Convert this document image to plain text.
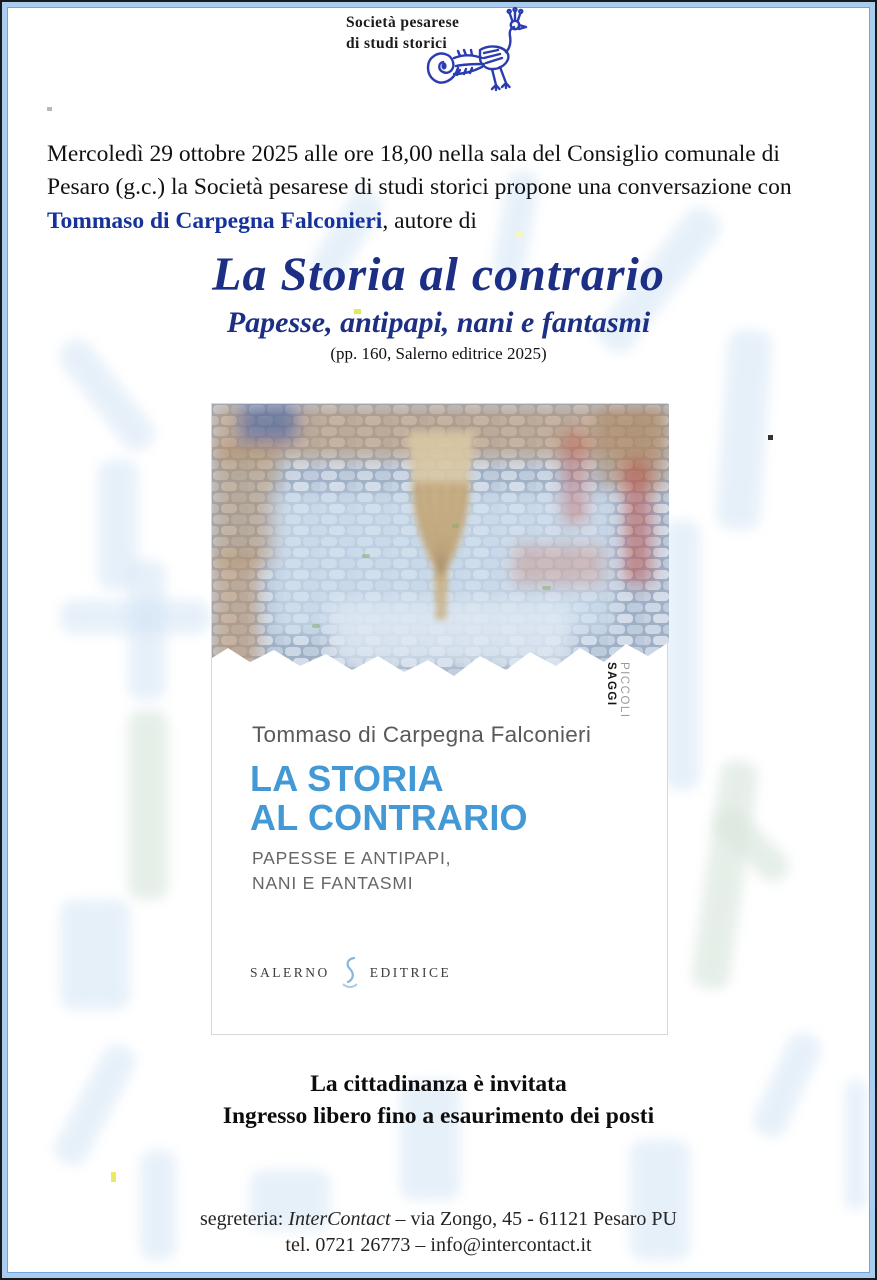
Società pesarese
di studi storici

Mercoledì 29 ottobre 2025 alle ore 18,00 nella sala del Consiglio comunale di Pesaro (g.c.) la Società pesarese di studi storici propone una conversazione con Tommaso di Carpegna Falconieri, autore di

La Storia al contrario
Papesse, antipapi, nani e fantasmi
(pp. 160, Salerno editrice 2025)
PICCOLI
SAGGI
Tommaso di Carpegna Falconieri
LA STORIA
AL CONTRARIO
PAPESSE E ANTIPAPI,
NANI E FANTASMI
SALERNO	EDITRICE
La cittadinanza è invitata
Ingresso libero fino a esaurimento dei posti
segreteria: InterContact – via Zongo, 45 - 61121 Pesaro PU
tel. 0721 26773 – info@intercontact.it
